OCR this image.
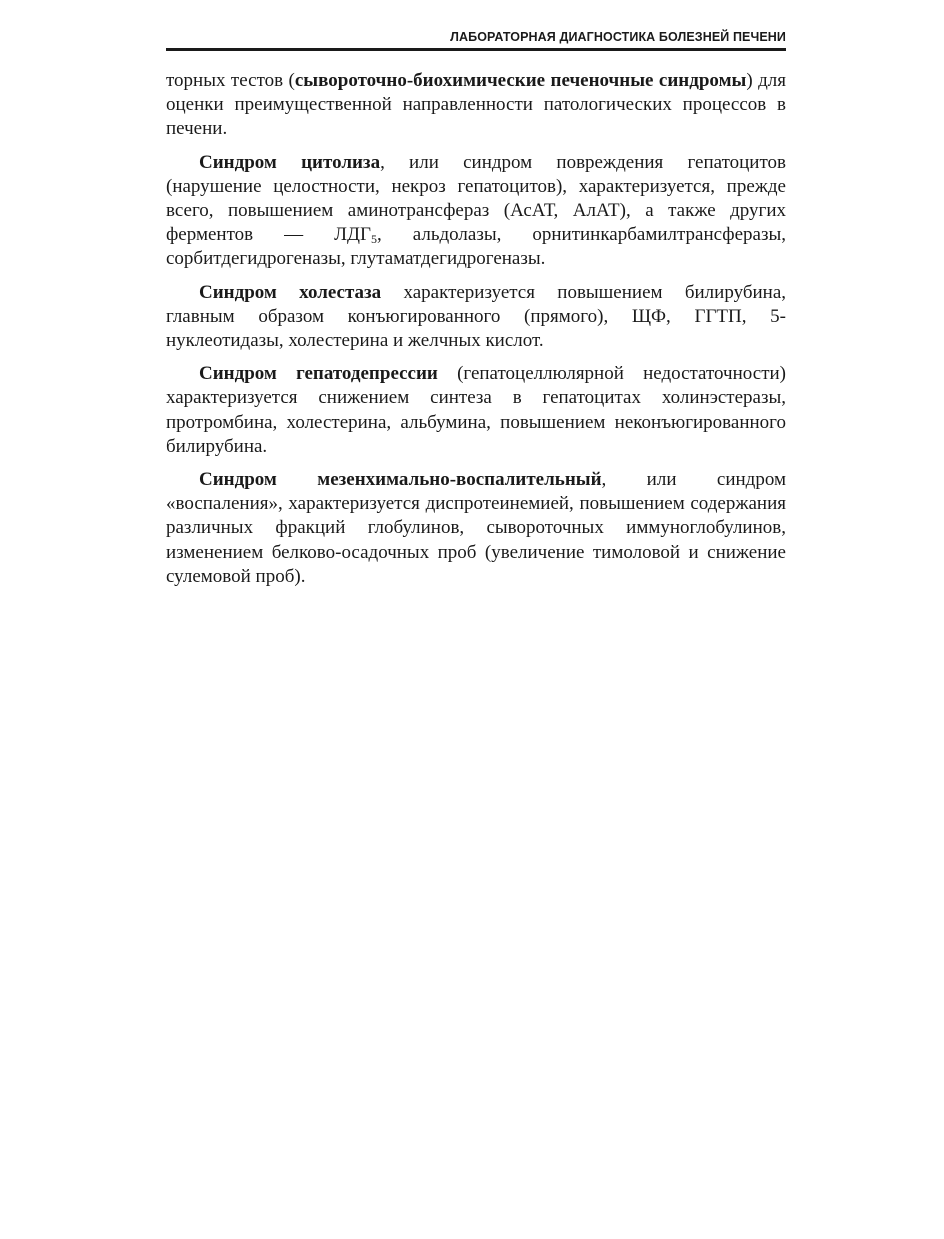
ЛАБОРАТОРНАЯ ДИАГНОСТИКА БОЛЕЗНЕЙ ПЕЧЕНИ

торных тестов (сывороточно-биохимические печеночные синдромы) для оценки преимущественной направленности патологических процессов в печени.

Синдром цитолиза, или синдром повреждения гепатоцитов (нарушение целостности, некроз гепатоцитов), характеризуется, прежде всего, повышением аминотрансфераз (АсАТ, АлАТ), а также других ферментов — $ЛДГ_5$, альдолазы, орнитинкарбамилтрансферазы, сорбитдегидрогеназы, глутаматдегидрогеназы.

Синдром холестаза характеризуется повышением билирубина, главным образом конъюгированного (прямого), ЩФ, ГГТП, 5-нуклеотидазы, холестерина и желчных кислот.

Синдром гепатодепрессии (гепатоцеллюлярной недостаточности) характеризуется снижением синтеза в гепатоцитах холинэстеразы, протромбина, холестерина, альбумина, повышением неконъюгированного билирубина.

Синдром мезенхимально-воспалительный, или синдром «воспаления», характеризуется диспротеинемией, повышением содержания различных фракций глобулинов, сывороточных иммуноглобулинов, изменением белково-осадочных проб (увеличение тимоловой и снижение сулемовой проб).
